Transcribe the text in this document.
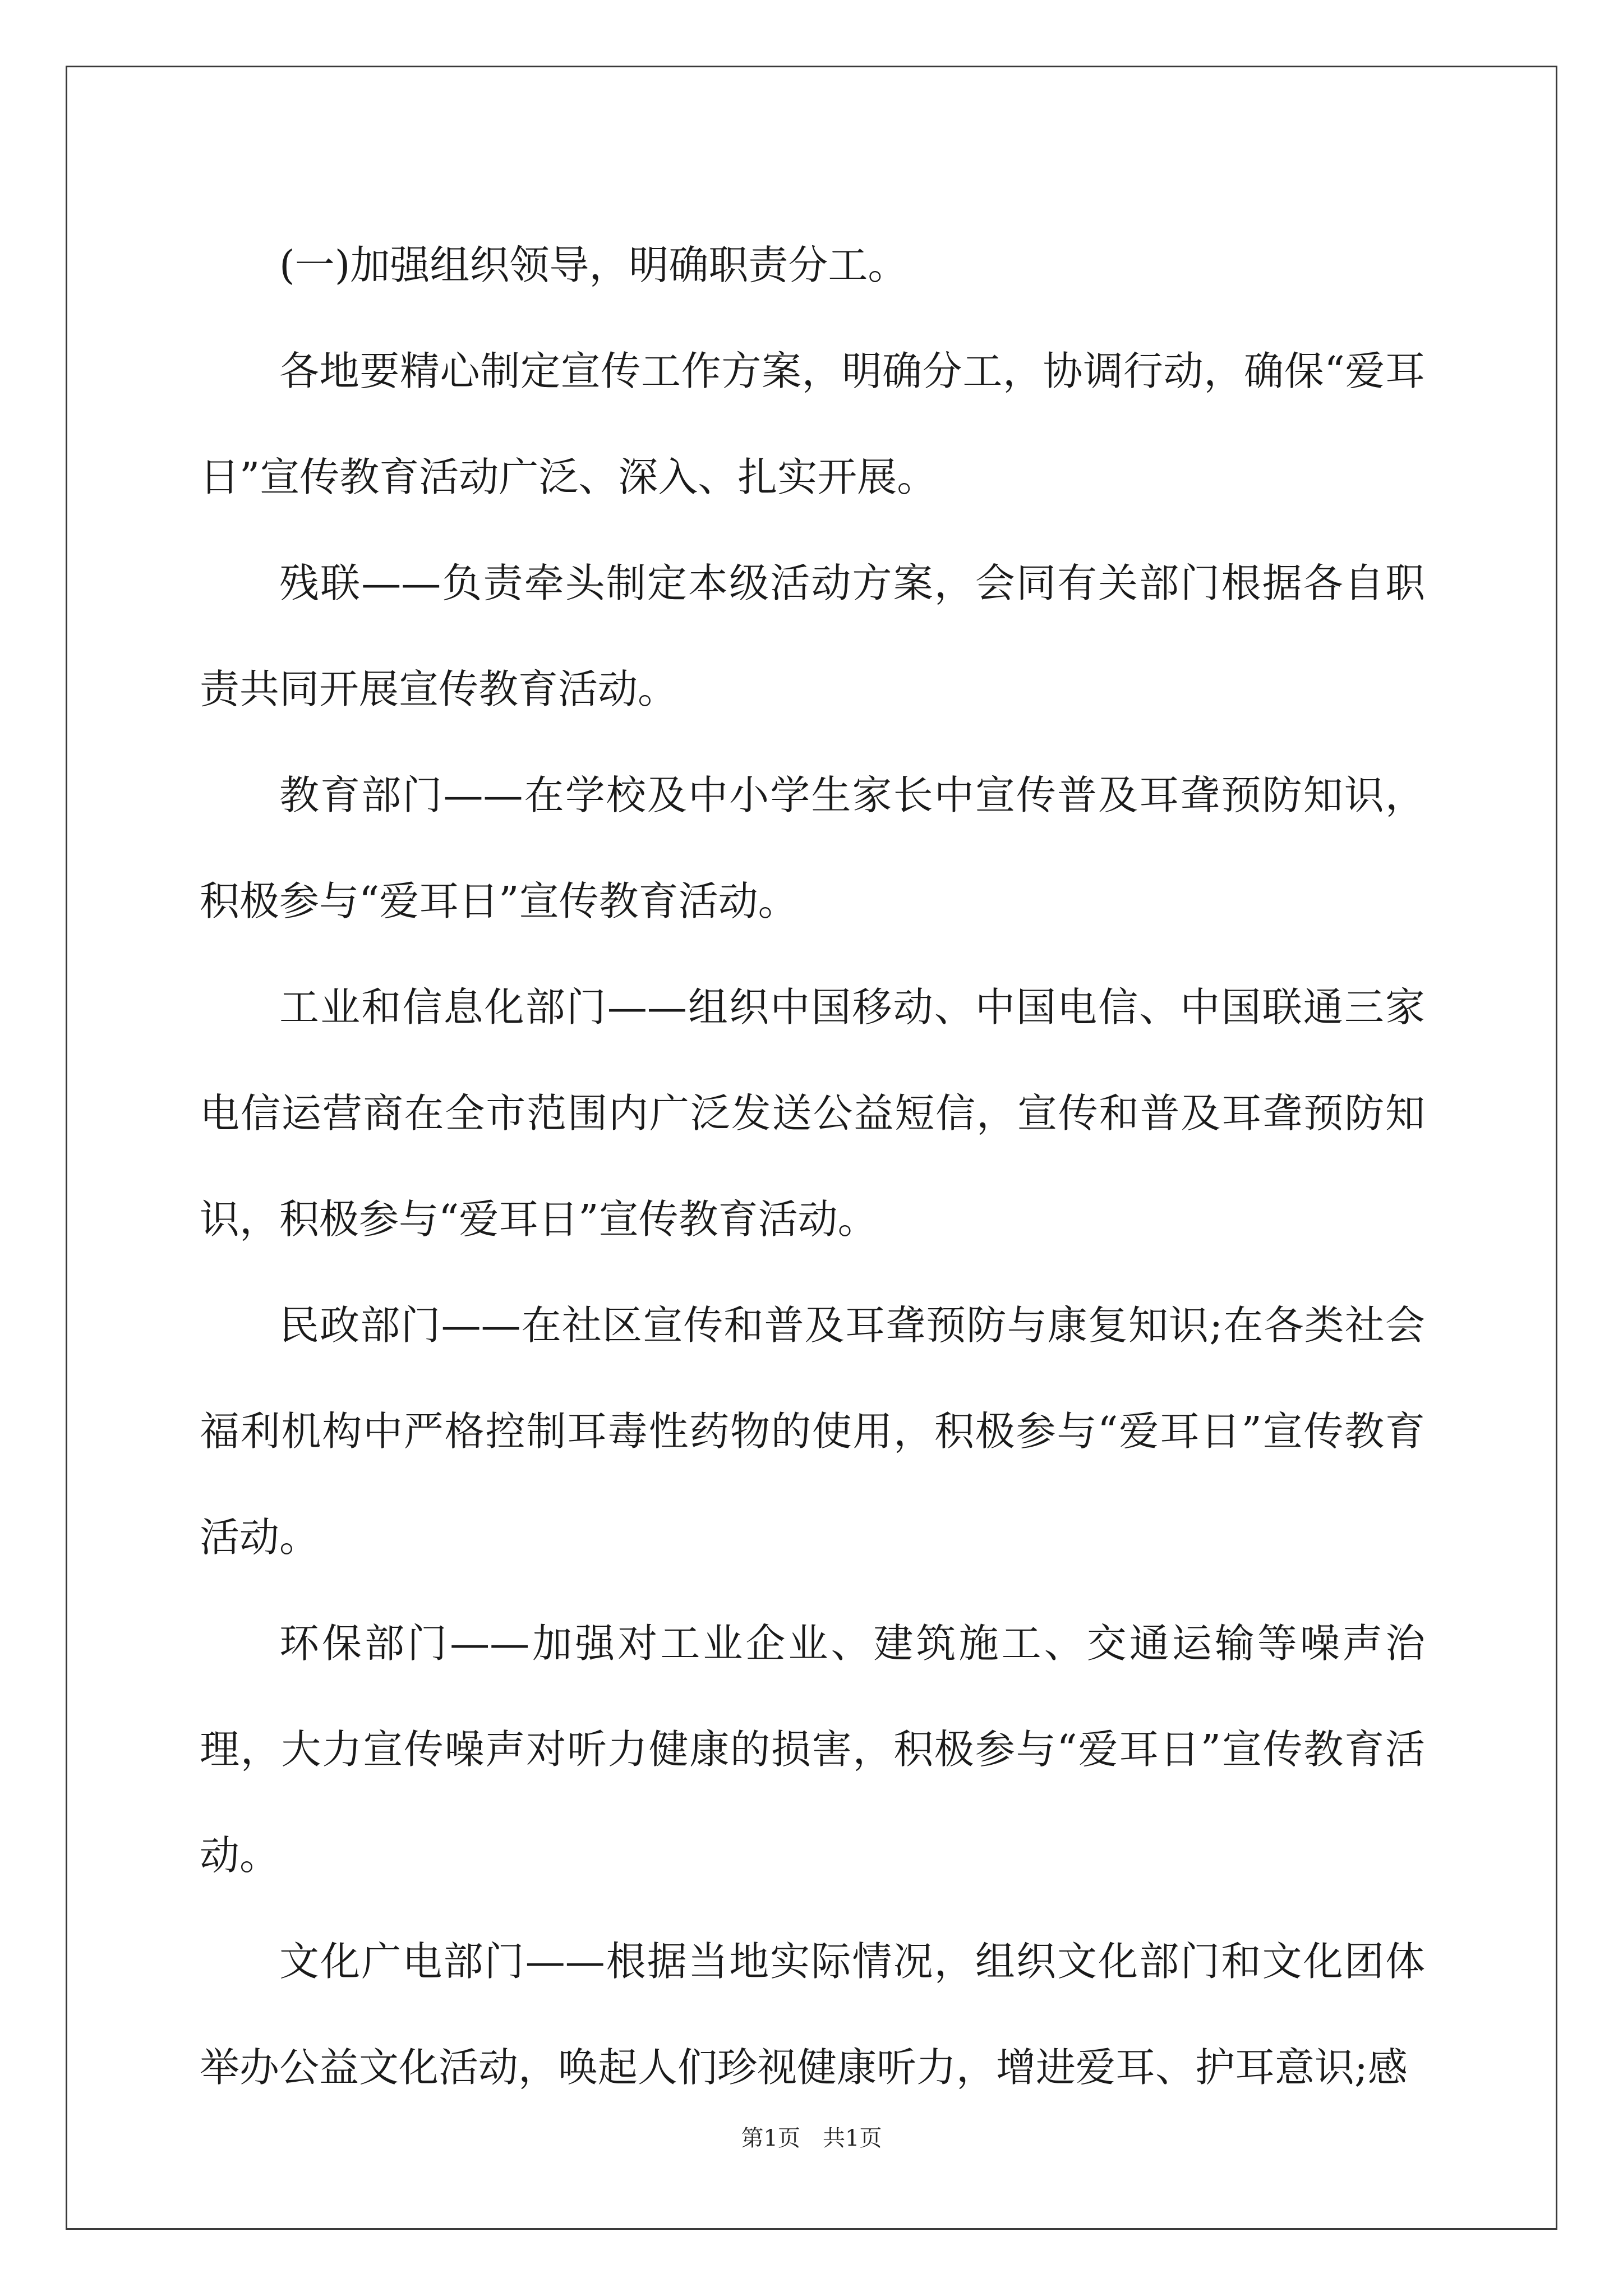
(一)加强组织领导，明确职责分工。

各地要精心制定宣传工作方案，明确分工，协调行动，确保“爱耳日”宣传教育活动广泛、深入、扎实开展。

残联——负责牵头制定本级活动方案，会同有关部门根据各自职责共同开展宣传教育活动。

教育部门——在学校及中小学生家长中宣传普及耳聋预防知识，积极参与“爱耳日”宣传教育活动。

工业和信息化部门——组织中国移动、中国电信、中国联通三家电信运营商在全市范围内广泛发送公益短信，宣传和普及耳聋预防知识，积极参与“爱耳日”宣传教育活动。

民政部门——在社区宣传和普及耳聋预防与康复知识;在各类社会福利机构中严格控制耳毒性药物的使用，积极参与“爱耳日”宣传教育活动。

环保部门——加强对工业企业、建筑施工、交通运输等噪声治理，大力宣传噪声对听力健康的损害，积极参与“爱耳日”宣传教育活动。

文化广电部门——根据当地实际情况，组织文化部门和文化团体举办公益文化活动，唤起人们珍视健康听力，增进爱耳、护耳意识;感

第1页　共1页
